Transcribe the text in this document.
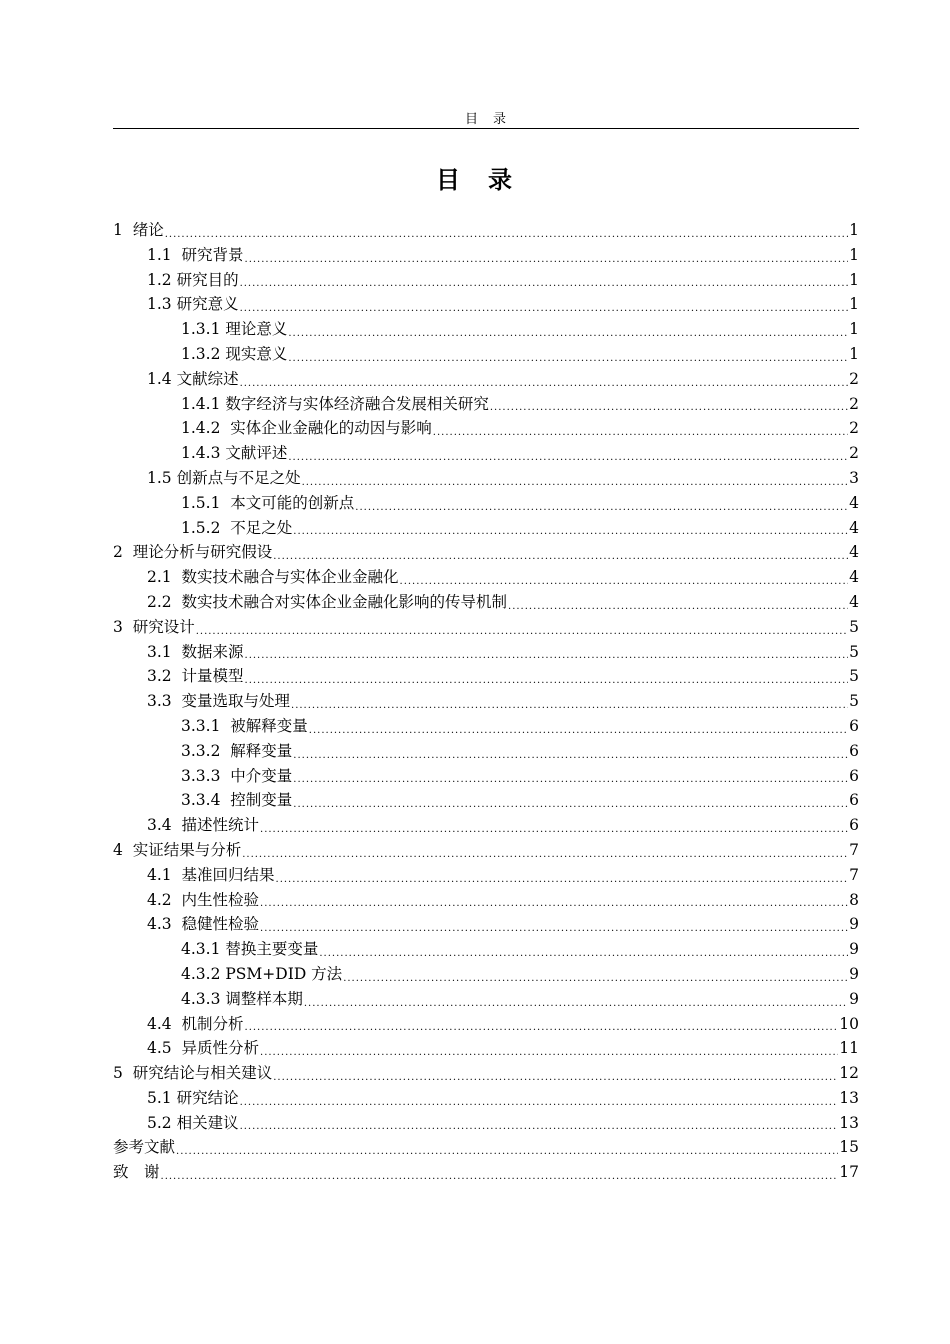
目　录
目　录
1  绪论 .....	1
1.1  研究背景 .....	1
1.2 研究目的 .....	1
1.3 研究意义 .....	1
1.3.1 理论意义 .....	1
1.3.2 现实意义 .....	1
1.4 文献综述 .....	2
1.4.1 数字经济与实体经济融合发展相关研究 .....	2
1.4.2  实体企业金融化的动因与影响 .....	2
1.4.3 文献评述 .....	2
1.5 创新点与不足之处 .....	3
1.5.1  本文可能的创新点 .....	4
1.5.2  不足之处 .....	4
2  理论分析与研究假设 .....	4
2.1  数实技术融合与实体企业金融化 .....	4
2.2  数实技术融合对实体企业金融化影响的传导机制 .....	4
3  研究设计 .....	5
3.1  数据来源 .....	5
3.2  计量模型 .....	5
3.3  变量选取与处理 .....	5
3.3.1  被解释变量 .....	6
3.3.2  解释变量 .....	6
3.3.3  中介变量 .....	6
3.3.4  控制变量 .....	6
3.4  描述性统计 .....	6
4  实证结果与分析 .....	7
4.1  基准回归结果 .....	7
4.2  内生性检验 .....	8
4.3  稳健性检验 .....	9
4.3.1 替换主要变量 .....	9
4.3.2 PSM+DID 方法 .....	9
4.3.3 调整样本期 .....	9
4.4  机制分析 .....	10
4.5  异质性分析 .....	11
5  研究结论与相关建议 .....	12
5.1 研究结论 .....	13
5.2 相关建议 .....	13
参考文献 .....	15
致　谢 .....	17
